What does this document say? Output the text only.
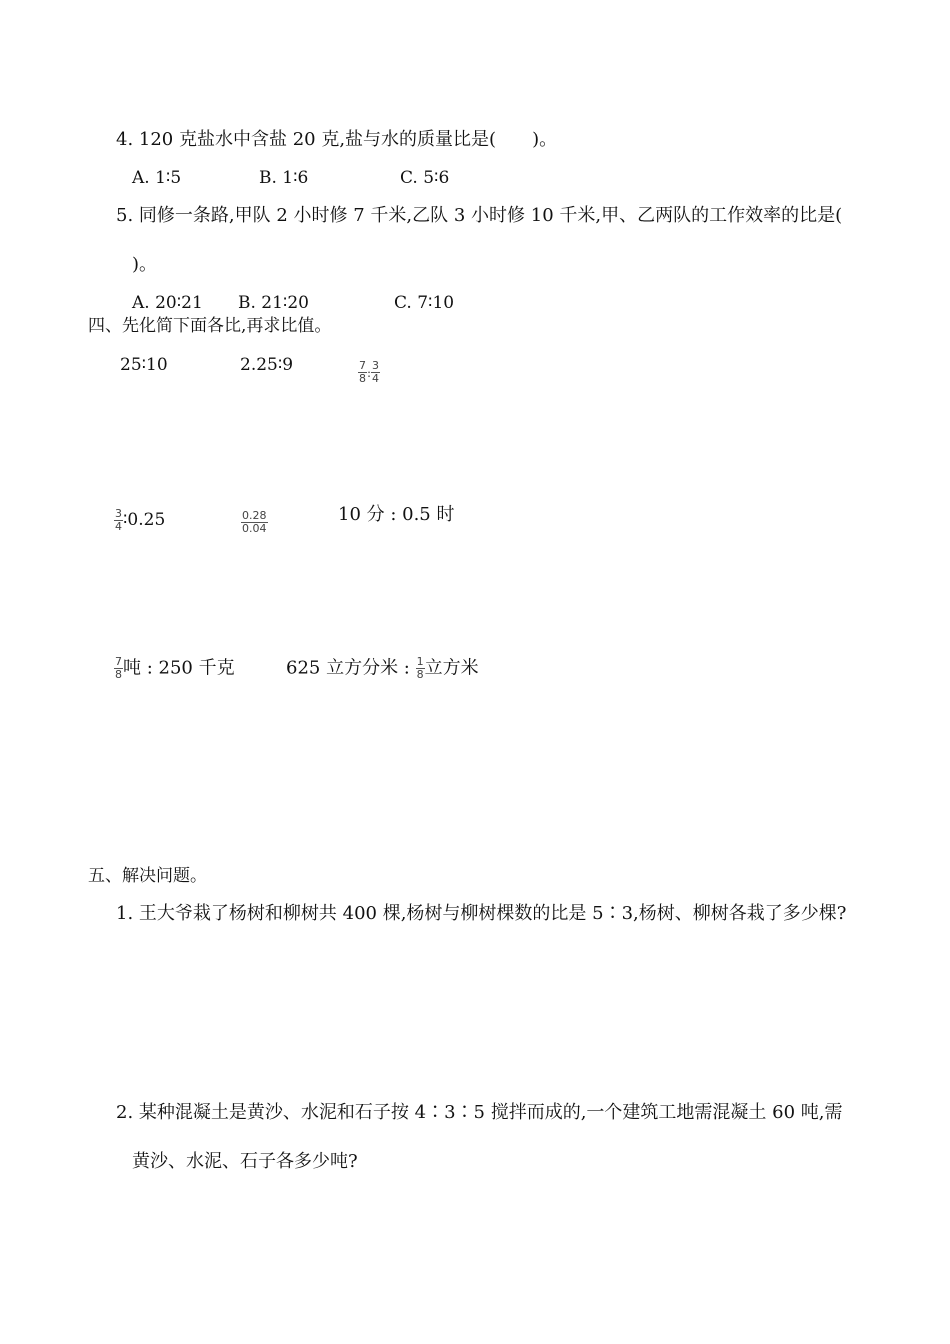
4. 120 克盐水中含盐 20 克,盐与水的质量比是(　　)。
A. 1∶5	B. 1∶6	C. 5∶6
5. 同修一条路,甲队 2 小时修 7 千米,乙队 3 小时修 10 千米,甲、乙两队的工作效率的比是(
)。
A. 20∶21 B. 21∶20	C. 7∶10
四、先化简下面各比,再求比值。
25∶10	2.25∶9	$\frac{7}{8}$ : $\frac{3}{4}$
$\frac{3}{4}$ ∶0.25	$\frac{0.28}{0.04}$	10 分 : 0.5 时
$\frac{7}{8}$ 吨 : 250 千克	625 立方分米 : $\frac{1}{8}$ 立方米
五、解决问题。
1. 王大爷栽了杨树和柳树共 400 棵,杨树与柳树棵数的比是 5∶3,杨树、柳树各栽了多少棵?
2. 某种混凝土是黄沙、水泥和石子按 4∶3∶5 搅拌而成的,一个建筑工地需混凝土 60 吨,需
黄沙、水泥、石子各多少吨?
